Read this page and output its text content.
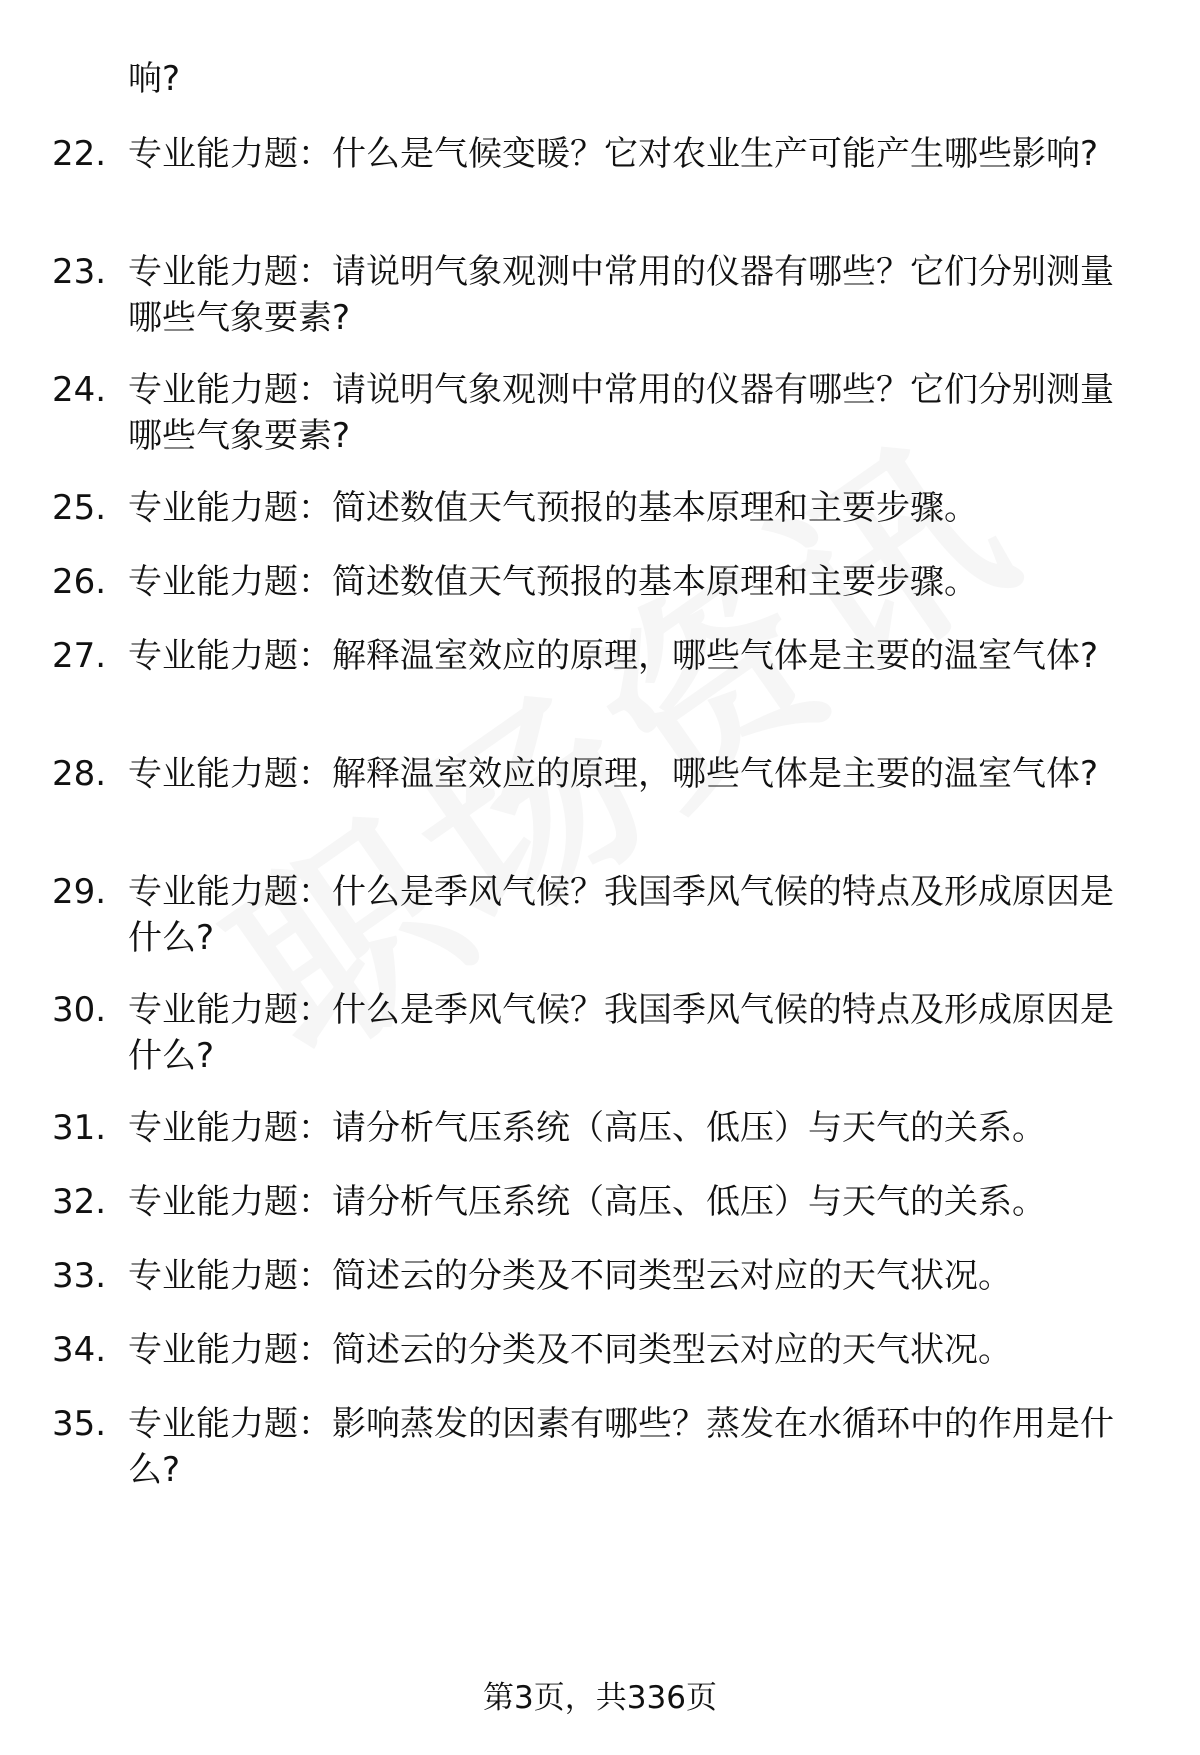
响?
22. 专业能力题：什么是气候变暖？它对农业生产可能产生哪些影响?
23. 专业能力题：请说明气象观测中常用的仪器有哪些？它们分别测量哪些气象要素?
24. 专业能力题：请说明气象观测中常用的仪器有哪些？它们分别测量哪些气象要素?
25. 专业能力题：简述数值天气预报的基本原理和主要步骤。
26. 专业能力题：简述数值天气预报的基本原理和主要步骤。
27. 专业能力题：解释温室效应的原理，哪些气体是主要的温室气体?
28. 专业能力题：解释温室效应的原理，哪些气体是主要的温室气体?
29. 专业能力题：什么是季风气候？我国季风气候的特点及形成原因是什么?
30. 专业能力题：什么是季风气候？我国季风气候的特点及形成原因是什么?
31. 专业能力题：请分析气压系统（高压、低压）与天气的关系。
32. 专业能力题：请分析气压系统（高压、低压）与天气的关系。
33. 专业能力题：简述云的分类及不同类型云对应的天气状况。
34. 专业能力题：简述云的分类及不同类型云对应的天气状况。
35. 专业能力题：影响蒸发的因素有哪些？蒸发在水循环中的作用是什么?
第3页，共336页
